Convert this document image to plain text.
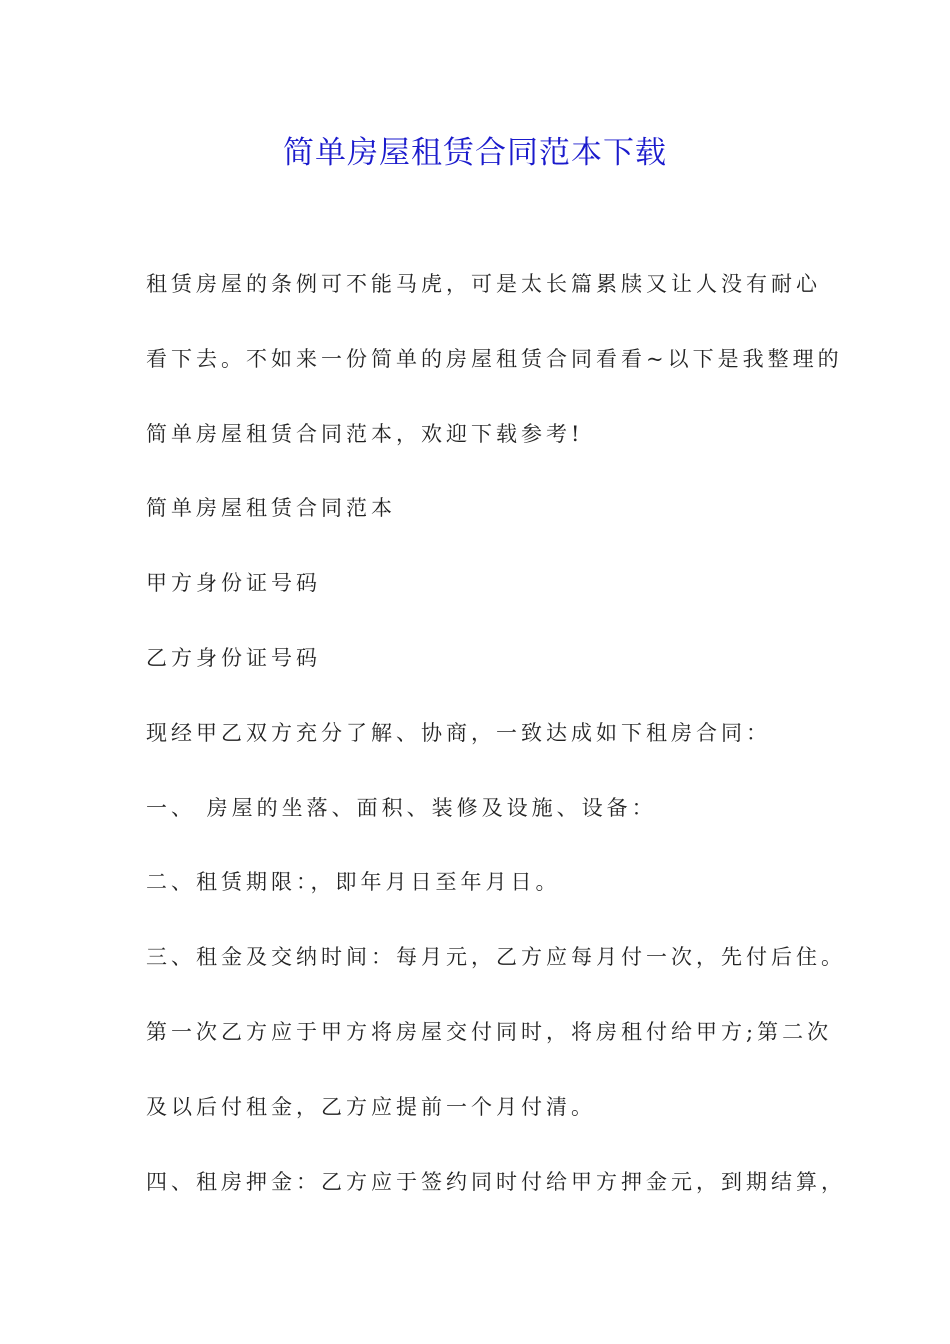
简单房屋租赁合同范本下载
租赁房屋的条例可不能马虎，可是太长篇累牍又让人没有耐心
看下去。不如来一份简单的房屋租赁合同看看~以下是我整理的
简单房屋租赁合同范本，欢迎下载参考!
简单房屋租赁合同范本
甲方身份证号码
乙方身份证号码
现经甲乙双方充分了解、协商，一致达成如下租房合同：
一、 房屋的坐落、面积、装修及设施、设备：
二、租赁期限：，即年月日至年月日。
三、租金及交纳时间：每月元，乙方应每月付一次，先付后住。
第一次乙方应于甲方将房屋交付同时，将房租付给甲方;第二次
及以后付租金，乙方应提前一个月付清。
四、租房押金：乙方应于签约同时付给甲方押金元，到期结算，
